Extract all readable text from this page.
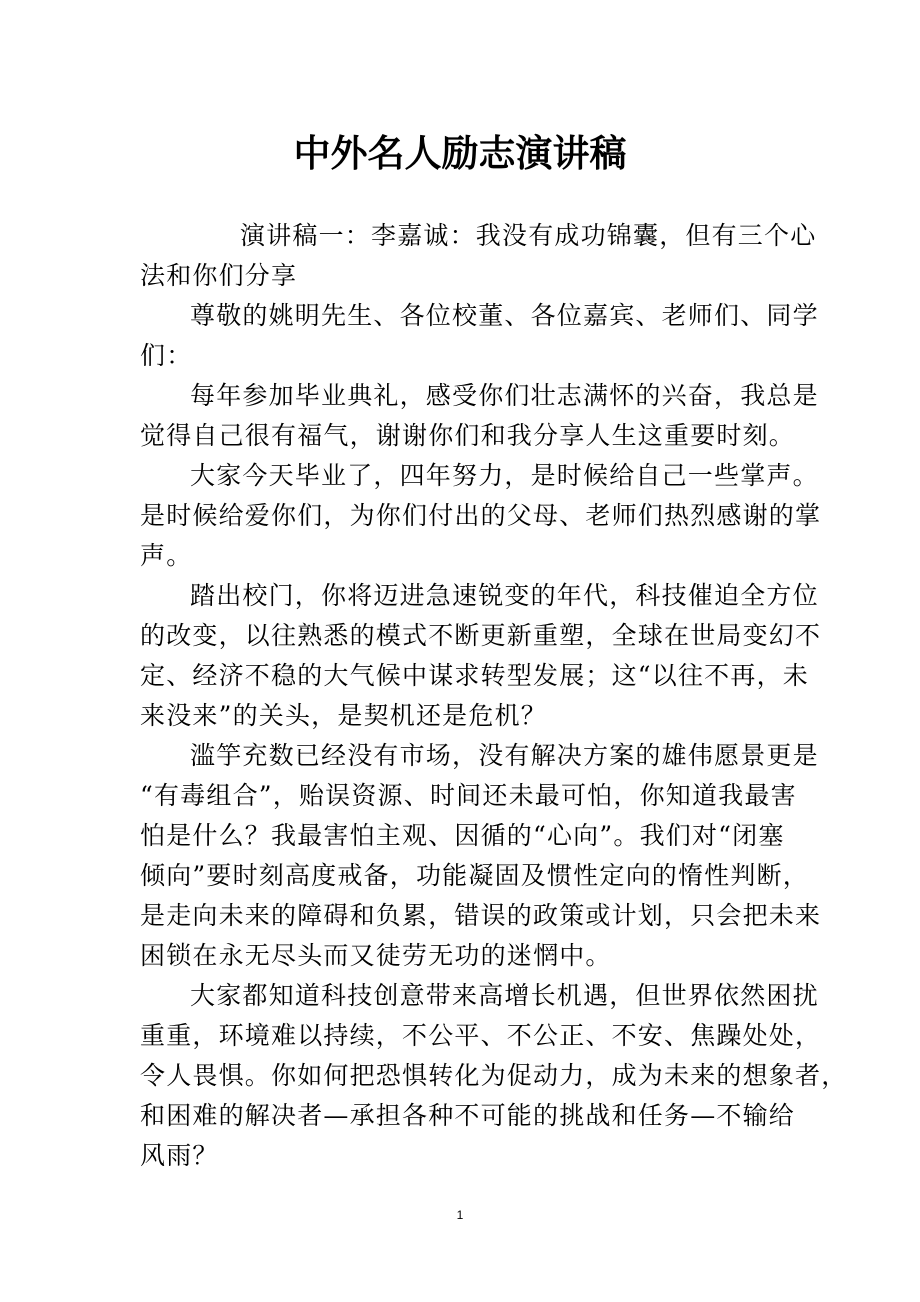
中外名人励志演讲稿
演讲稿一：李嘉诚：我没有成功锦囊，但有三个心
法和你们分享
尊敬的姚明先生、各位校董、各位嘉宾、老师们、同学
们：
每年参加毕业典礼，感受你们壮志满怀的兴奋，我总是
觉得自己很有福气，谢谢你们和我分享人生这重要时刻。
大家今天毕业了，四年努力，是时候给自己一些掌声。
是时候给爱你们，为你们付出的父母、老师们热烈感谢的掌
声。
踏出校门，你将迈进急速锐变的年代，科技催迫全方位
的改变，以往熟悉的模式不断更新重塑，全球在世局变幻不
定、经济不稳的大气候中谋求转型发展；这“以往不再，未
来没来”的关头，是契机还是危机？
滥竽充数已经没有市场，没有解决方案的雄伟愿景更是
“有毒组合”，贻误资源、时间还未最可怕，你知道我最害
怕是什么？我最害怕主观、因循的“心向”。我们对“闭塞
倾向”要时刻高度戒备，功能凝固及惯性定向的惰性判断，
是走向未来的障碍和负累，错误的政策或计划，只会把未来
困锁在永无尽头而又徒劳无功的迷惘中。
大家都知道科技创意带来高增长机遇，但世界依然困扰
重重，环境难以持续，不公平、不公正、不安、焦躁处处，
令人畏惧。你如何把恐惧转化为促动力，成为未来的想象者，
和困难的解决者—承担各种不可能的挑战和任务—不输给
风雨？
1
